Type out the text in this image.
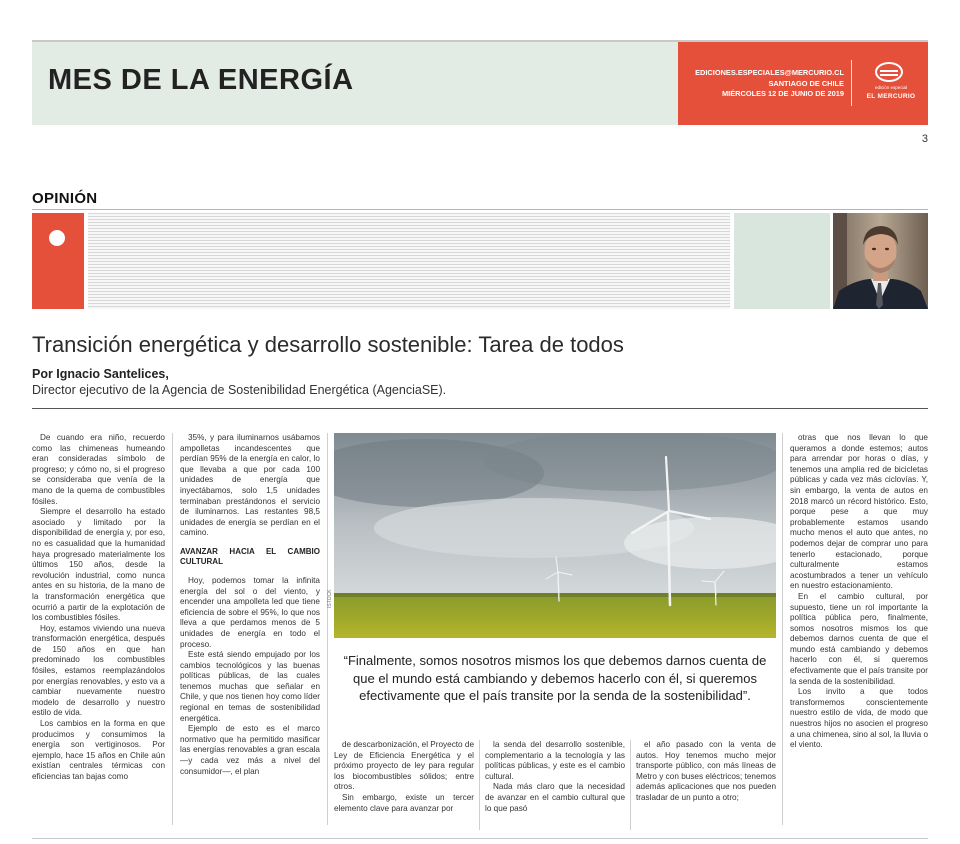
MES DE LA ENERGÍA	EDICIONES.ESPECIALES@MERCURIO.CL
SANTIAGO DE CHILE
MIÉRCOLES 12 DE JUNIO DE 2019
edición especial
EL MERCURIO
3
OPINIÓN
Transición energética y desarrollo sostenible: Tarea de todos
Por Ignacio Santelices,
Director ejecutivo de la Agencia de Sostenibilidad Energética (AgenciaSE).

De cuando era niño, recuerdo como las chimeneas humeando eran consideradas símbolo de progreso; y cómo no, si el progreso se consideraba que venía de la mano de la quema de combustibles fósiles.

Siempre el desarrollo ha estado asociado y limitado por la disponibilidad de energía y, por eso, no es casualidad que la humanidad haya progresado materialmente los últimos 150 años, desde la revolución industrial, como nunca antes en su historia, de la mano de la transformación energética que ocurrió a partir de la explotación de los combustibles fósiles.

Hoy, estamos viviendo una nueva transformación energética, después de 150 años en que han predominado los combustibles fósiles, estamos reemplazándolos por energías renovables, y esto va a cambiar nuevamente nuestro modelo de desarrollo y nuestro estilo de vida.

Los cambios en la forma en que producimos y consumimos la energía son vertiginosos. Por ejemplo, hace 15 años en Chile aún existían centrales térmicas con eficiencias tan bajas como

35%, y para iluminarnos usábamos ampolletas incandescentes que perdían 95% de la energía en calor, lo que llevaba a que por cada 100 unidades de energía que inyectábamos, solo 1,5 unidades terminaban prestándonos el servicio de iluminarnos. Las restantes 98,5 unidades de energía se perdían en el camino.

AVANZAR HACIA EL CAMBIO CULTURAL

Hoy, podemos tomar la infinita energía del sol o del viento, y encender una ampolleta led que tiene eficiencia de sobre el 95%, lo que nos lleva a que perdamos menos de 5 unidades de energía en todo el proceso.

Este está siendo empujado por los cambios tecnológicos y las buenas políticas públicas, de las cuales tenemos muchas que señalar en Chile, y que nos tienen hoy como líder regional en temas de sostenibilidad energética.

Ejemplo de esto es el marco normativo que ha permitido masificar las energías renovables a gran escala —y cada vez más a nivel del consumidor—, el plan

ISTOCK
“Finalmente, somos nosotros mismos los que debemos darnos cuenta de que el mundo está cambiando y debemos hacerlo con él, si queremos efectivamente que el país transite por la senda de la sostenibilidad”.

de descarbonización, el Proyecto de Ley de Eficiencia Energética y el próximo proyecto de ley para regular los biocombustibles sólidos; entre otros.

Sin embargo, existe un tercer elemento clave para avanzar por

la senda del desarrollo sostenible, complementario a la tecnología y las políticas públicas, y este es el cambio cultural.

Nada más claro que la necesidad de avanzar en el cambio cultural que lo que pasó

el año pasado con la venta de autos. Hoy tenemos mucho mejor transporte público, con más líneas de Metro y con buses eléctricos; tenemos además aplicaciones que nos pueden trasladar de un punto a otro;

otras que nos llevan lo que queramos a donde estemos; autos para arrendar por horas o días, y tenemos una amplia red de bicicletas públicas y cada vez más ciclovías. Y, sin embargo, la venta de autos en 2018 marcó un récord histórico. Esto, porque pese a que muy probablemente estamos usando mucho menos el auto que antes, no podemos dejar de comprar uno para tenerlo estacionado, porque culturalmente estamos acostumbrados a tener un vehículo en nuestro estacionamiento.

En el cambio cultural, por supuesto, tiene un rol importante la política pública pero, finalmente, somos nosotros mismos los que debemos darnos cuenta de que el mundo está cambiando y debemos hacerlo con él, si queremos efectivamente que el país transite por la senda de la sostenibilidad.

Los invito a que todos transformemos conscientemente nuestro estilo de vida, de modo que nuestros hijos no asocien el progreso a una chimenea, sino al sol, la lluvia o el viento.
